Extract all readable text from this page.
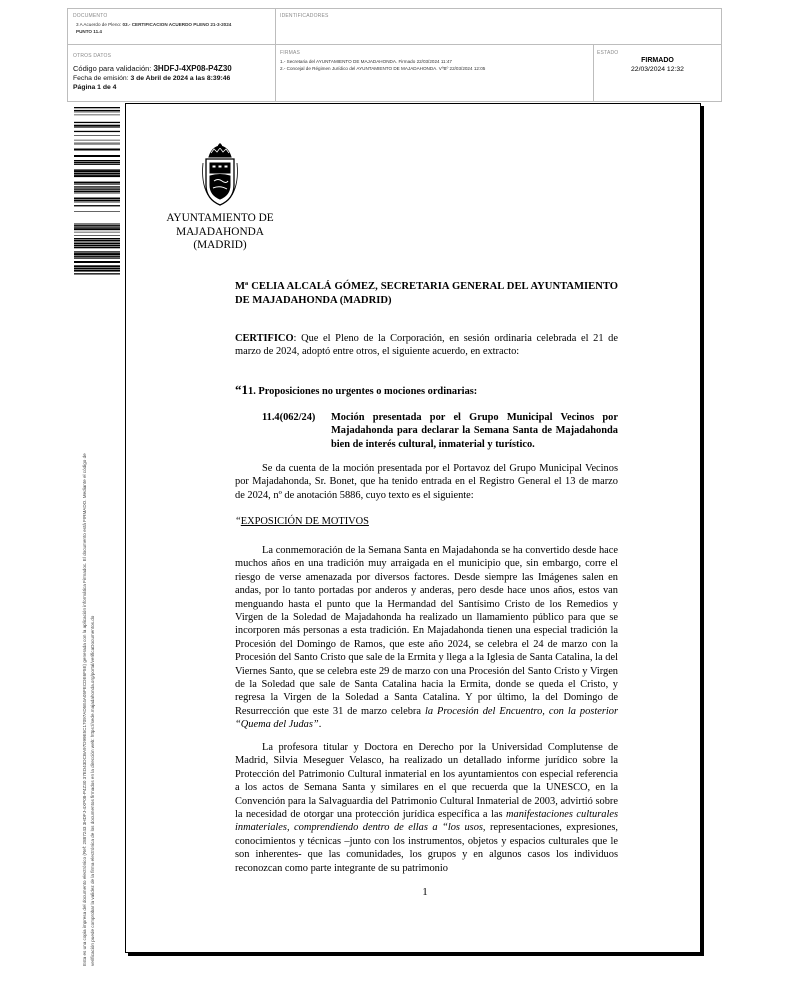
DOCUMENTO
3 A Acuerdo de Pleno: 03.- CERTIFICACION ACUERDO PLENO 21-3-2024
PUNTO 11.4
IDENTIFICADORES
OTROS DATOS
Código para validación: 3HDFJ-4XP08-P4Z30
Fecha de emisión: 3 de Abril de 2024 a las 8:39:46
Página 1 de 4
FIRMAS
1.- Secretaria del AYUNTAMIENTO DE MAJADAHONDA. Firmado 22/03/2024 11:47
2.- Concejal de Régimen Jurídico del AYUNTAMIENTO DE MAJADAHONDA. VºBº 22/03/2024 12:05
ESTADO
FIRMADO
22/03/2024 12:32
Esta es una copia impresa del documento electrónico (Ref: 2887243 3HDFJ-4XP08-P4Z30 37ED43DCBA97D99E5C17097AD5E4A05FECDE6F5E) generada con la aplicación informática Firmadoc. El documento está FIRMADO. Mediante el código de verificación puede comprobar la validez de la firma electrónica de los documentos firmados en la dirección web: https://sede.majadahonda.org/portal/verificaDocumentos.do
AYUNTAMIENTO DE
MAJADAHONDA
(MADRID)
Mª CELIA ALCALÁ GÓMEZ, SECRETARIA GENERAL DEL AYUNTAMIENTO DE MAJADAHONDA (MADRID)
CERTIFICO: Que el Pleno de la Corporación, en sesión ordinaria celebrada el 21 de marzo de 2024, adoptó entre otros, el siguiente acuerdo, en extracto:
“11. Proposiciones no urgentes o mociones ordinarias:
11.4(062/24)	Moción presentada por el Grupo Municipal Vecinos por Majadahonda para declarar la Semana Santa de Majadahonda bien de interés cultural, inmaterial y turístico.
Se da cuenta de la moción presentada por el Portavoz del Grupo Municipal Vecinos por Majadahonda, Sr. Bonet, que ha tenido entrada en el Registro General el 13 de marzo de 2024, nº de anotación 5886, cuyo texto es el siguiente:
“EXPOSICIÓN DE MOTIVOS
La conmemoración de la Semana Santa en Majadahonda se ha convertido desde hace muchos años en una tradición muy arraigada en el municipio que, sin embargo, corre el riesgo de verse amenazada por diversos factores. Desde siempre las Imágenes salen en andas, por lo tanto portadas por anderos y anderas, pero desde hace unos años, estos van menguando hasta el punto que la Hermandad del Santísimo Cristo de los Remedios y Virgen de la Soledad de Majadahonda ha realizado un llamamiento público para que se incorporen más personas a esta tradición. En Majadahonda tienen una especial tradición la Procesión del Domingo de Ramos, que este año 2024, se celebra el 24 de marzo con la Procesión del Santo Cristo que sale de la Ermita y llega a la Iglesia de Santa Catalina, la del Viernes Santo, que se celebra este 29 de marzo con una Procesión del Santo Cristo y Virgen de la Soledad que sale de Santa Catalina hacia la Ermita, donde se queda el Cristo, y regresa la Virgen de la Soledad a Santa Catalina. Y por último, la del Domingo de Resurrección que este 31 de marzo celebra la Procesión del Encuentro, con la posterior “Quema del Judas”.
La profesora titular y Doctora en Derecho por la Universidad Complutense de Madrid, Silvia Meseguer Velasco, ha realizado un detallado informe jurídico sobre la Protección del Patrimonio Cultural inmaterial en los ayuntamientos con especial referencia a los actos de Semana Santa y similares en el que recuerda que la UNESCO, en la Convención para la Salvaguardia del Patrimonio Cultural Inmaterial de 2003, advirtió sobre la necesidad de otorgar una protección jurídica específica a las manifestaciones culturales inmateriales, comprendiendo dentro de ellas a “los usos, representaciones, expresiones, conocimientos y técnicas –junto con los instrumentos, objetos y espacios culturales que le son inherentes- que las comunidades, los grupos y en algunos casos los individuos reconozcan como parte integrante de su patrimonio
1
